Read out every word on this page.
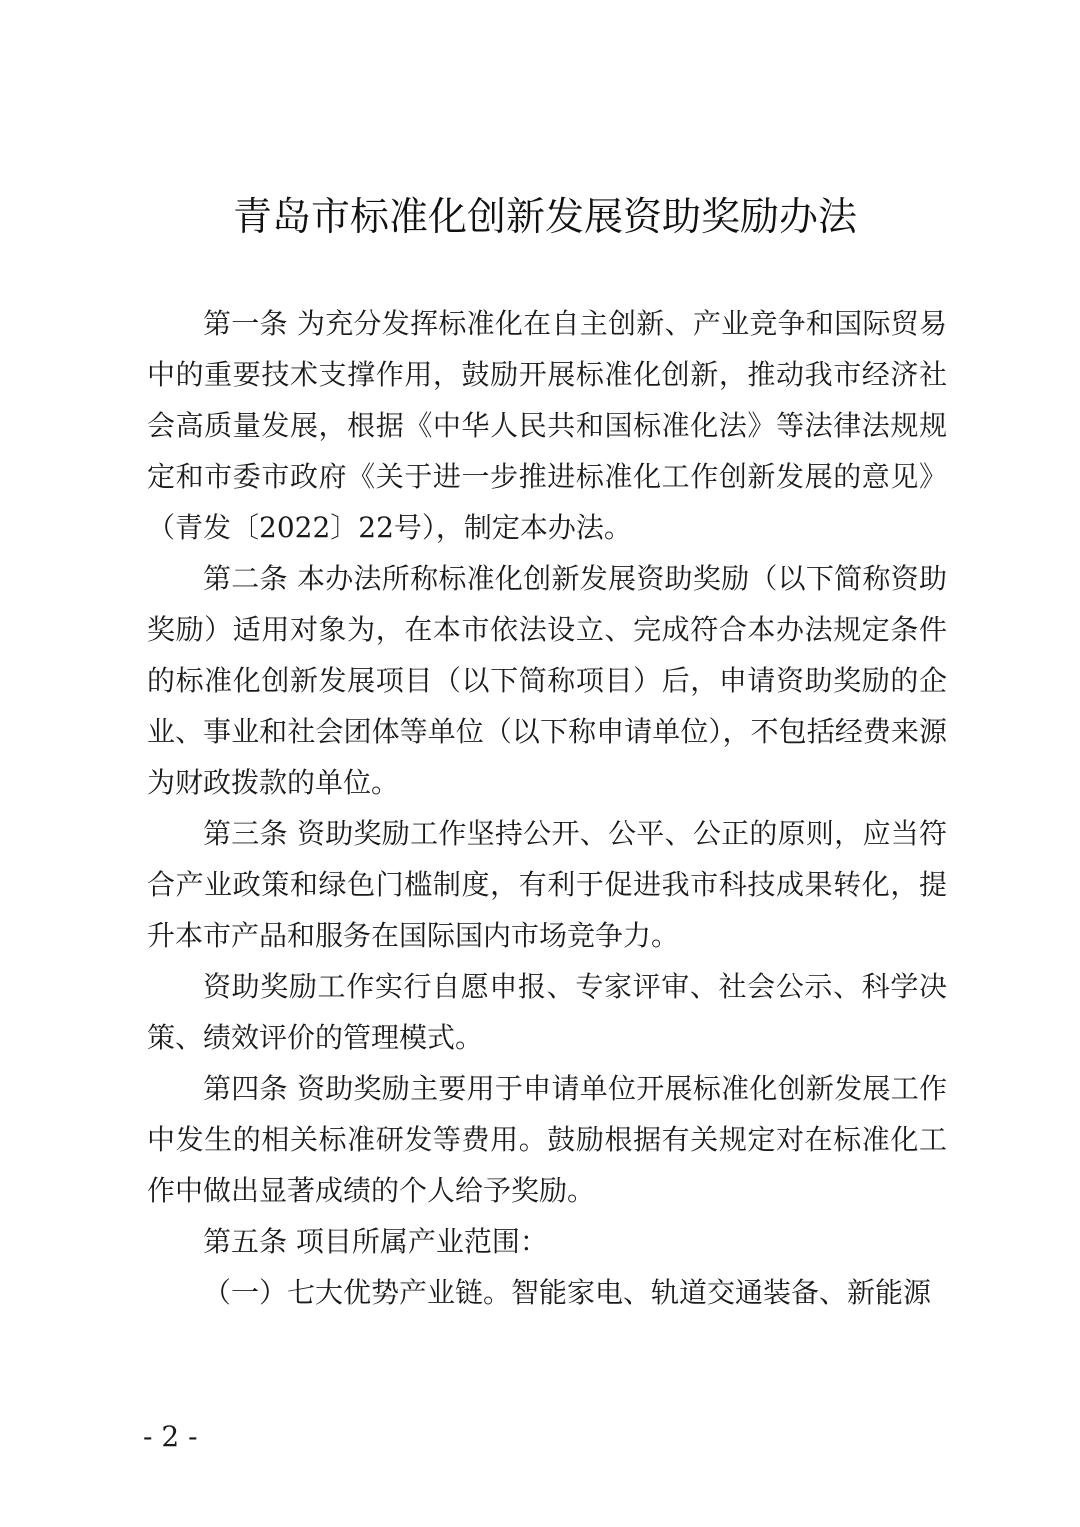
青岛市标准化创新发展资助奖励办法

第一条 为充分发挥标准化在自主创新、产业竞争和国际贸易中的重要技术支撑作用，鼓励开展标准化创新，推动我市经济社会高质量发展，根据《中华人民共和国标准化法》等法律法规规定和市委市政府《关于进一步推进标准化工作创新发展的意见》（青发〔2022〕22号），制定本办法。

第二条 本办法所称标准化创新发展资助奖励（以下简称资助奖励）适用对象为，在本市依法设立、完成符合本办法规定条件的标准化创新发展项目（以下简称项目）后，申请资助奖励的企业、事业和社会团体等单位（以下称申请单位），不包括经费来源为财政拨款的单位。

第三条 资助奖励工作坚持公开、公平、公正的原则，应当符合产业政策和绿色门槛制度，有利于促进我市科技成果转化，提升本市产品和服务在国际国内市场竞争力。

资助奖励工作实行自愿申报、专家评审、社会公示、科学决策、绩效评价的管理模式。

第四条 资助奖励主要用于申请单位开展标准化创新发展工作中发生的相关标准研发等费用。鼓励根据有关规定对在标准化工作中做出显著成绩的个人给予奖励。

第五条 项目所属产业范围：

（一）七大优势产业链。智能家电、轨道交通装备、新能源

- 2 -
